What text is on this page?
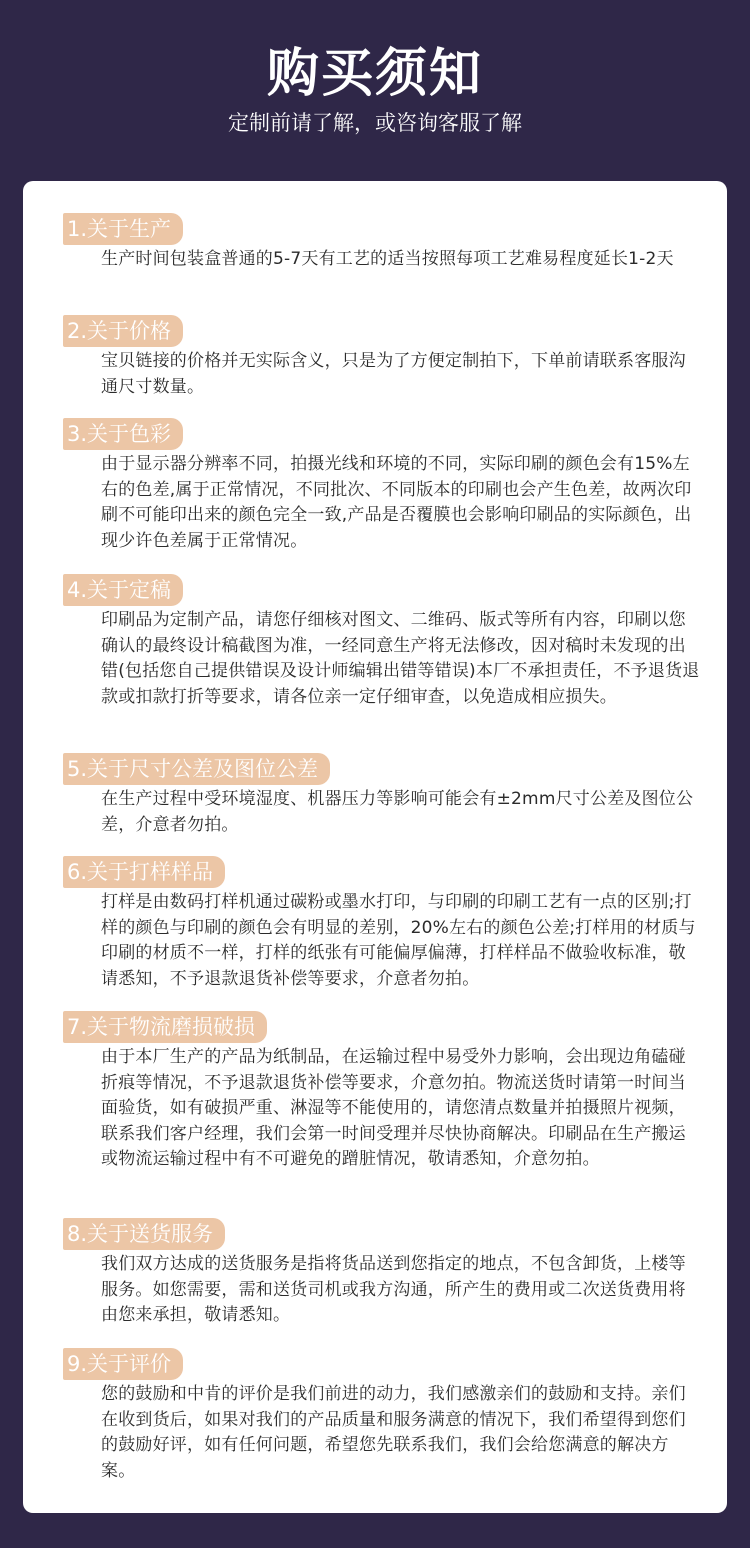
购买须知
定制前请了解，或咨询客服了解
1.关于生产
生产时间包装盒普通的5-7天有工艺的适当按照每项工艺难易程度延长1-2天
2.关于价格
宝贝链接的价格并无实际含义，只是为了方便定制拍下，下单前请联系客服沟通尺寸数量。
3.关于色彩
由于显示器分辨率不同，拍摄光线和环境的不同，实际印刷的颜色会有15%左右的色差,属于正常情况，不同批次、不同版本的印刷也会产生色差，故两次印刷不可能印出来的颜色完全一致,产品是否覆膜也会影响印刷品的实际颜色，出现少许色差属于正常情况。
4.关于定稿
印刷品为定制产品，请您仔细核对图文、二维码、版式等所有内容，印刷以您确认的最终设计稿截图为准，一经同意生产将无法修改，因对稿时未发现的出错(包括您自己提供错误及设计师编辑出错等错误)本厂不承担责任，不予退货退款或扣款打折等要求，请各位亲一定仔细审查，以免造成相应损失。
5.关于尺寸公差及图位公差
在生产过程中受环境湿度、机器压力等影响可能会有±2mm尺寸公差及图位公差，介意者勿拍。
6.关于打样样品
打样是由数码打样机通过碳粉或墨水打印，与印刷的印刷工艺有一点的区别;打样的颜色与印刷的颜色会有明显的差别，20%左右的颜色公差;打样用的材质与印刷的材质不一样，打样的纸张有可能偏厚偏薄，打样样品不做验收标准，敬请悉知，不予退款退货补偿等要求，介意者勿拍。
7.关于物流磨损破损
由于本厂生产的产品为纸制品，在运输过程中易受外力影响，会出现边角磕碰折痕等情况，不予退款退货补偿等要求，介意勿拍。物流送货时请第一时间当面验货，如有破损严重、淋湿等不能使用的，请您清点数量并拍摄照片视频，联系我们客户经理，我们会第一时间受理并尽快协商解决。印刷品在生产搬运或物流运输过程中有不可避免的蹭脏情况，敬请悉知，介意勿拍。
8.关于送货服务
我们双方达成的送货服务是指将货品送到您指定的地点，不包含卸货，上楼等服务。如您需要，需和送货司机或我方沟通，所产生的费用或二次送货费用将由您来承担，敬请悉知。
9.关于评价
您的鼓励和中肯的评价是我们前进的动力，我们感激亲们的鼓励和支持。亲们在收到货后，如果对我们的产品质量和服务满意的情况下，我们希望得到您们的鼓励好评，如有任何问题，希望您先联系我们，我们会给您满意的解决方案。
